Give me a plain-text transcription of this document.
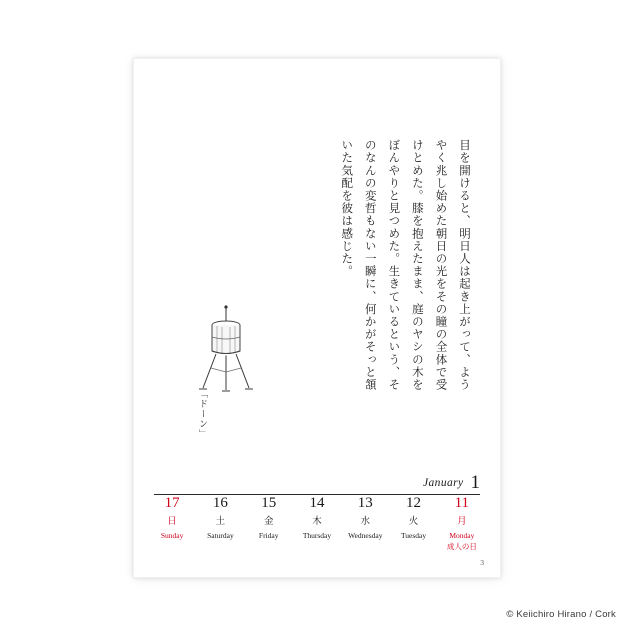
目を開けると、明日人は起き上がって、ようやく兆し始めた朝日の光をその瞳の全体で受けとめた。膝を抱えたまま、庭のヤシの木をぼんやりと見つめた。生きているという、そのなんの変哲もない一瞬に、何かがそっと頷いた気配を彼は感じた。

「ドーン」
January 1
17
日
Sunday
16
土
Saturday
15
金
Friday
14
木
Thursday
13
水
Wednesday
12
火
Tuesday
11
月
Monday
成人の日
3
© Keiichiro Hirano / Cork
